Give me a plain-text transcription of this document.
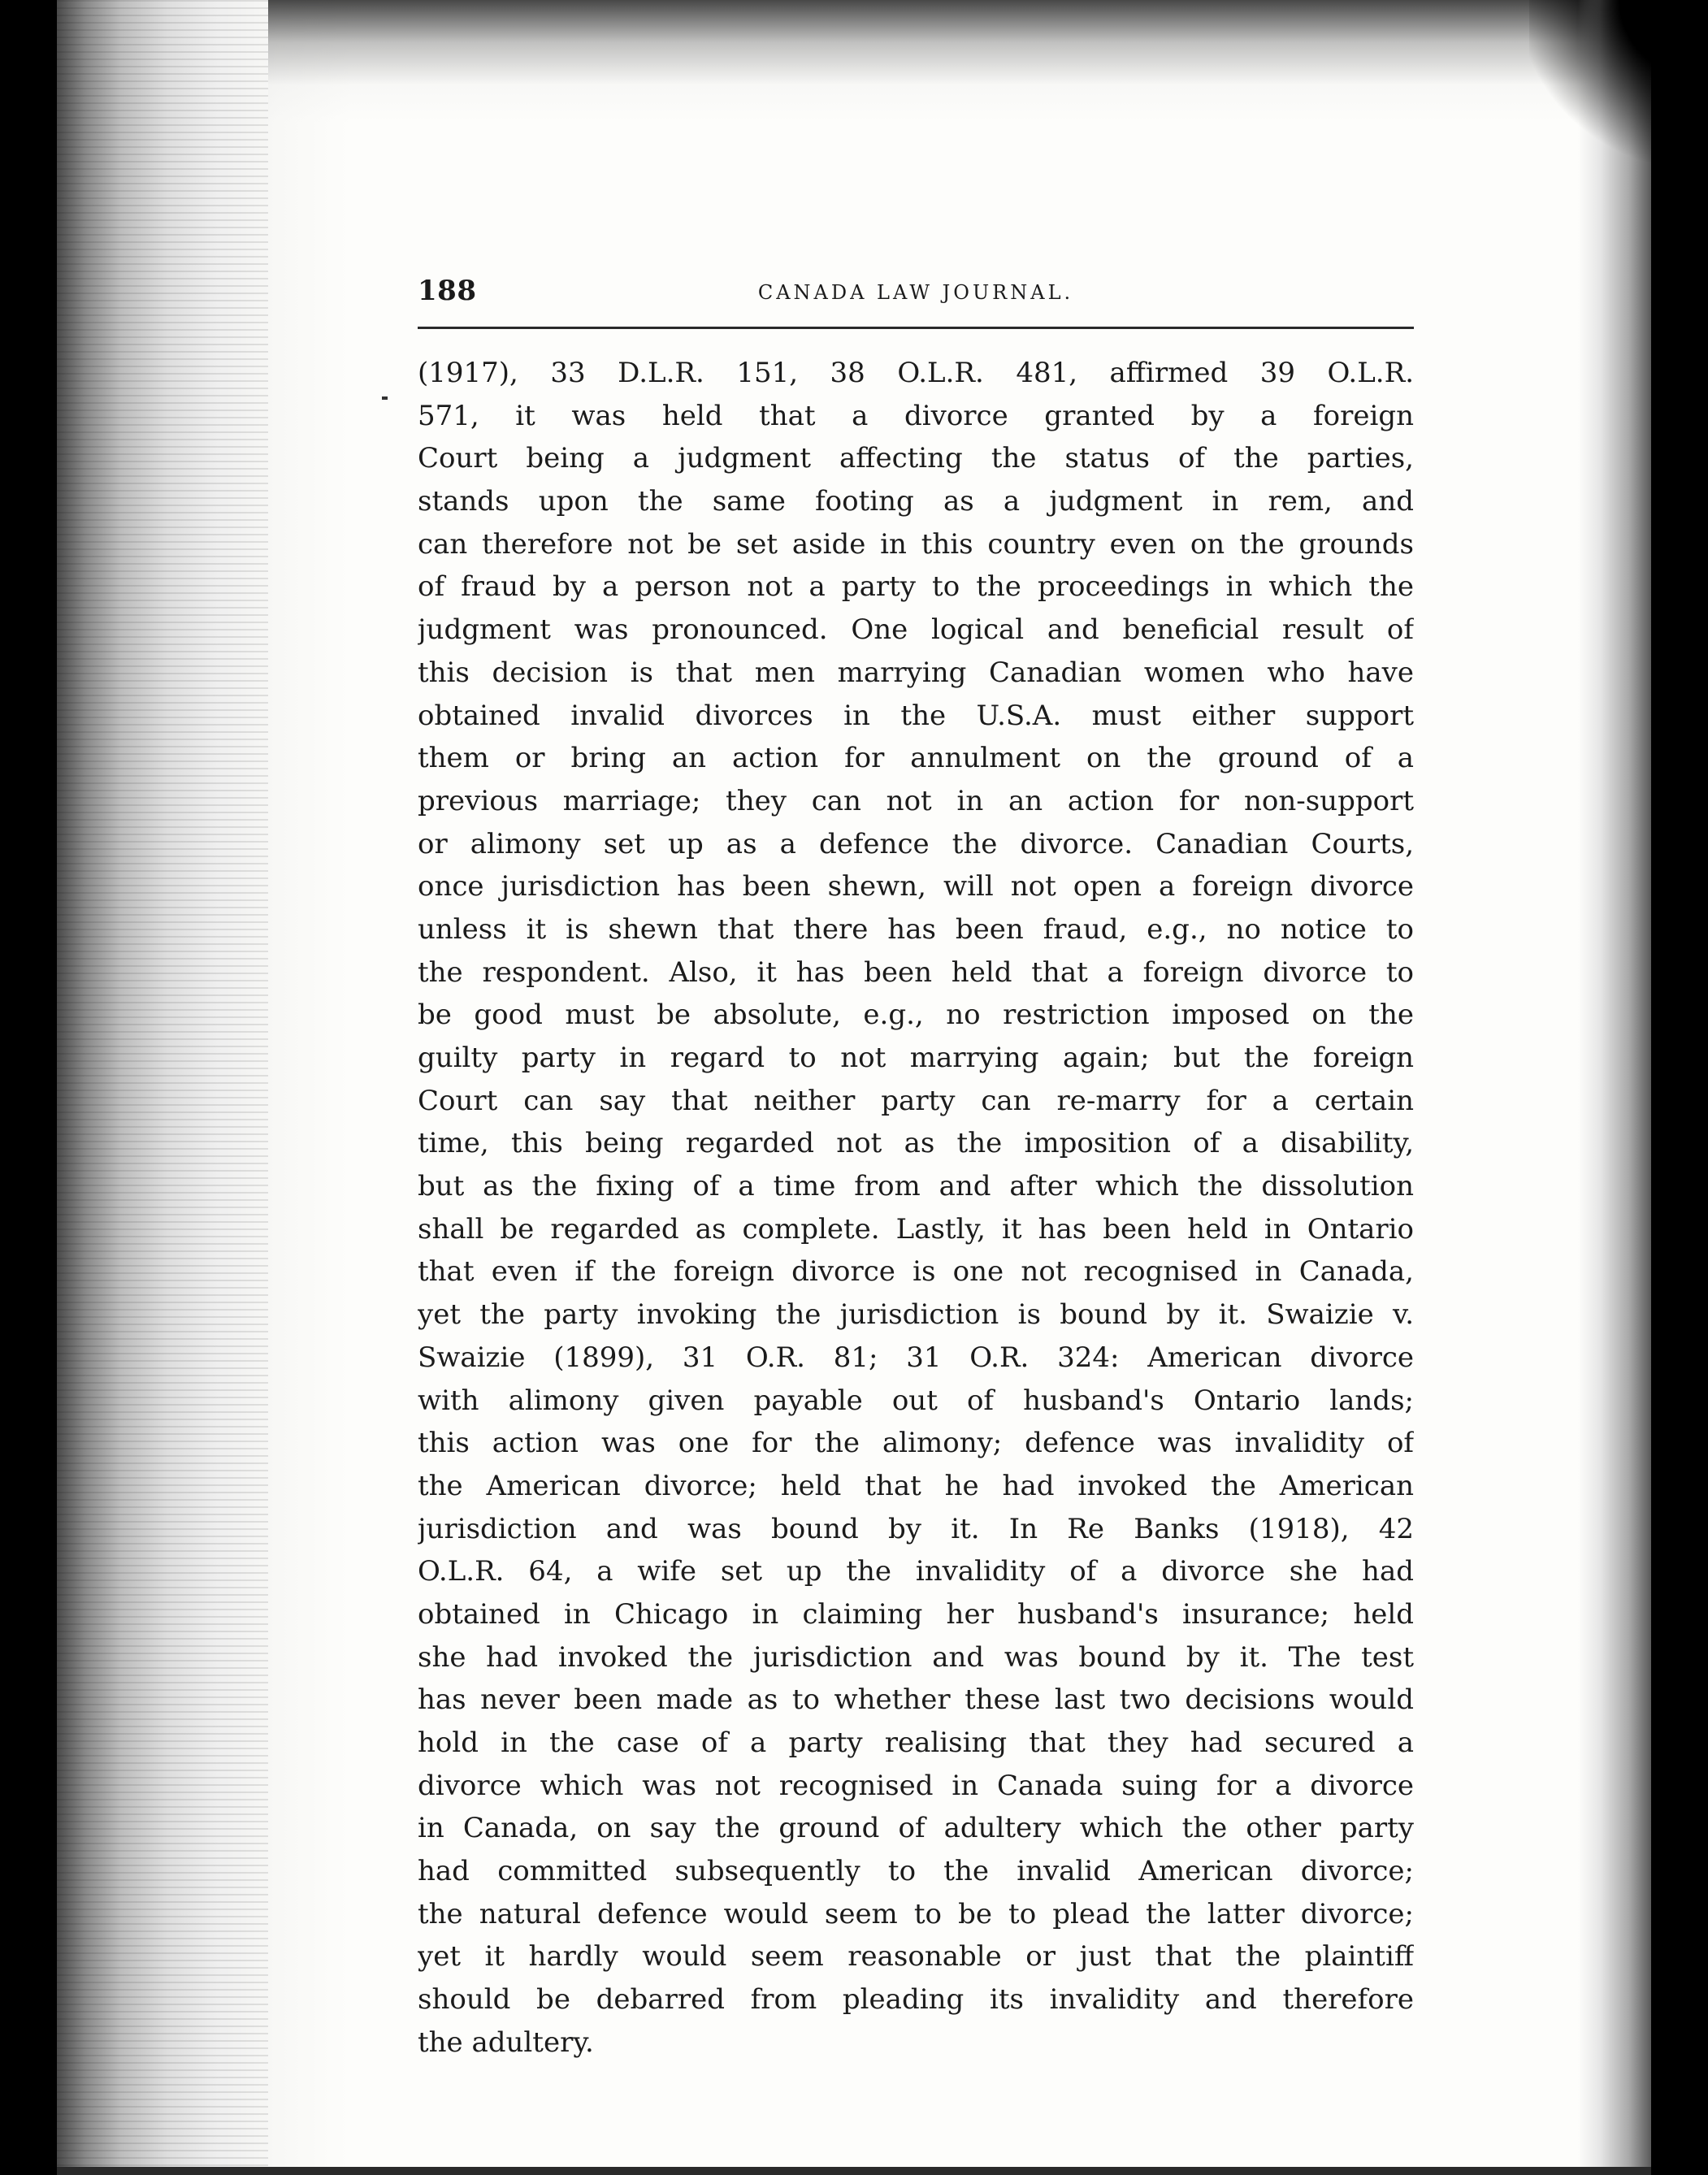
188	CANADA LAW JOURNAL.
(1917), 33 D.L.R. 151, 38 O.L.R. 481, affirmed 39 O.L.R.
571, it was held that a divorce granted by a foreign
Court being a judgment affecting the status of the parties,
stands upon the same footing as a judgment in rem, and
can therefore not be set aside in this country even on the grounds
of fraud by a person not a party to the proceedings in which the
judgment was pronounced. One logical and beneficial result of
this decision is that men marrying Canadian women who have
obtained invalid divorces in the U.S.A. must either support
them or bring an action for annulment on the ground of a
previous marriage; they can not in an action for non-support
or alimony set up as a defence the divorce. Canadian Courts,
once jurisdiction has been shewn, will not open a foreign divorce
unless it is shewn that there has been fraud, e.g., no notice to
the respondent. Also, it has been held that a foreign divorce to
be good must be absolute, e.g., no restriction imposed on the
guilty party in regard to not marrying again; but the foreign
Court can say that neither party can re-marry for a certain
time, this being regarded not as the imposition of a disability,
but as the fixing of a time from and after which the dissolution
shall be regarded as complete. Lastly, it has been held in Ontario
that even if the foreign divorce is one not recognised in Canada,
yet the party invoking the jurisdiction is bound by it. Swaizie v.
Swaizie (1899), 31 O.R. 81; 31 O.R. 324: American divorce
with alimony given payable out of husband's Ontario lands;
this action was one for the alimony; defence was invalidity of
the American divorce; held that he had invoked the American
jurisdiction and was bound by it. In Re Banks (1918), 42
O.L.R. 64, a wife set up the invalidity of a divorce she had
obtained in Chicago in claiming her husband's insurance; held
she had invoked the jurisdiction and was bound by it. The test
has never been made as to whether these last two decisions would
hold in the case of a party realising that they had secured a
divorce which was not recognised in Canada suing for a divorce
in Canada, on say the ground of adultery which the other party
had committed subsequently to the invalid American divorce;
the natural defence would seem to be to plead the latter divorce;
yet it hardly would seem reasonable or just that the plaintiff
should be debarred from pleading its invalidity and therefore
the adultery.
